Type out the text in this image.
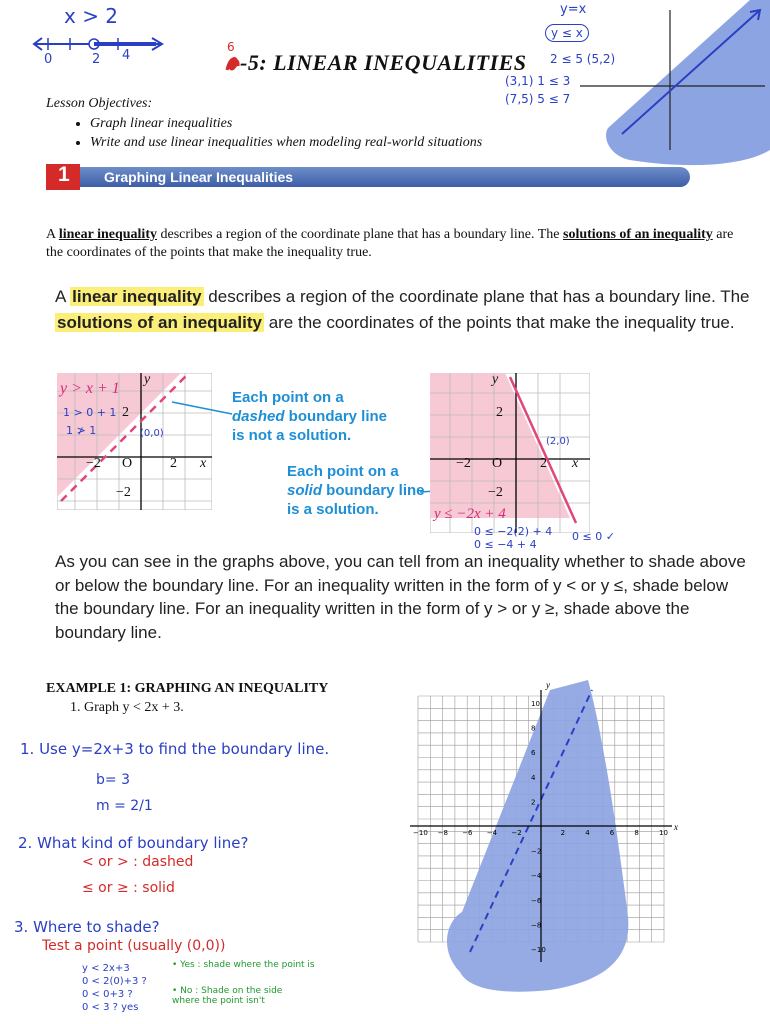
x > 2
0	2 4
6
-5: LINEAR INEQUALITIES
y=x
y ≤ x
2 ≤ 5 (5,2)
(3,1) 1 ≤ 3
(7,5) 5 ≤ 7
Lesson Objectives:
• Graph linear inequalities
• Write and use linear inequalities when modeling real-world situations
1 Graphing Linear Inequalities
A linear inequality describes a region of the coordinate plane that has a boundary line. The solutions of an inequality are the coordinates of the points that make the inequality true.
A linear inequality describes a region of the coordinate plane that has a boundary line. The solutions of an inequality are the coordinates of the points that make the inequality true.
y > x + 1
y
x
2
−2
O
−2	2
1 > 0 + 1
1 ≯ 1	(0,0)
Each point on a
dashed boundary line
is not a solution.
Each point on a
solid boundary line
is a solution.
y
x
2
−2
O
−2	2
y ≤ −2x + 4
(2,0)
0 ≤ −2(2) + 4
0 ≤ −4 + 4
0 ≤ 0 ✓
As you can see in the graphs above, you can tell from an inequality whether to shade above or below the boundary line. For an inequality written in the form of y < or y ≤, shade below the boundary line. For an inequality written in the form of y > or y ≥, shade above the boundary line.
EXAMPLE 1: GRAPHING AN INEQUALITY
1. Graph y < 2x + 3.
1. Use y=2x+3 to find the boundary line.
b= 3
m = 2/1
2. What kind of boundary line?
< or > : dashed
≤ or ≥ : solid
3. Where to shade?
Test a point (usually (0,0))
y < 2x+3
0 < 2(0)+3 ?
0 < 0+3 ?
0 < 3 ? yes
• Yes : shade where the point is
• No : Shade on the side where the point isn't
x
y
−10 −8 −6 −4 −2	2	4	6	8	10
10
8
6
4
2
−2
−4
−6
−8
−10
